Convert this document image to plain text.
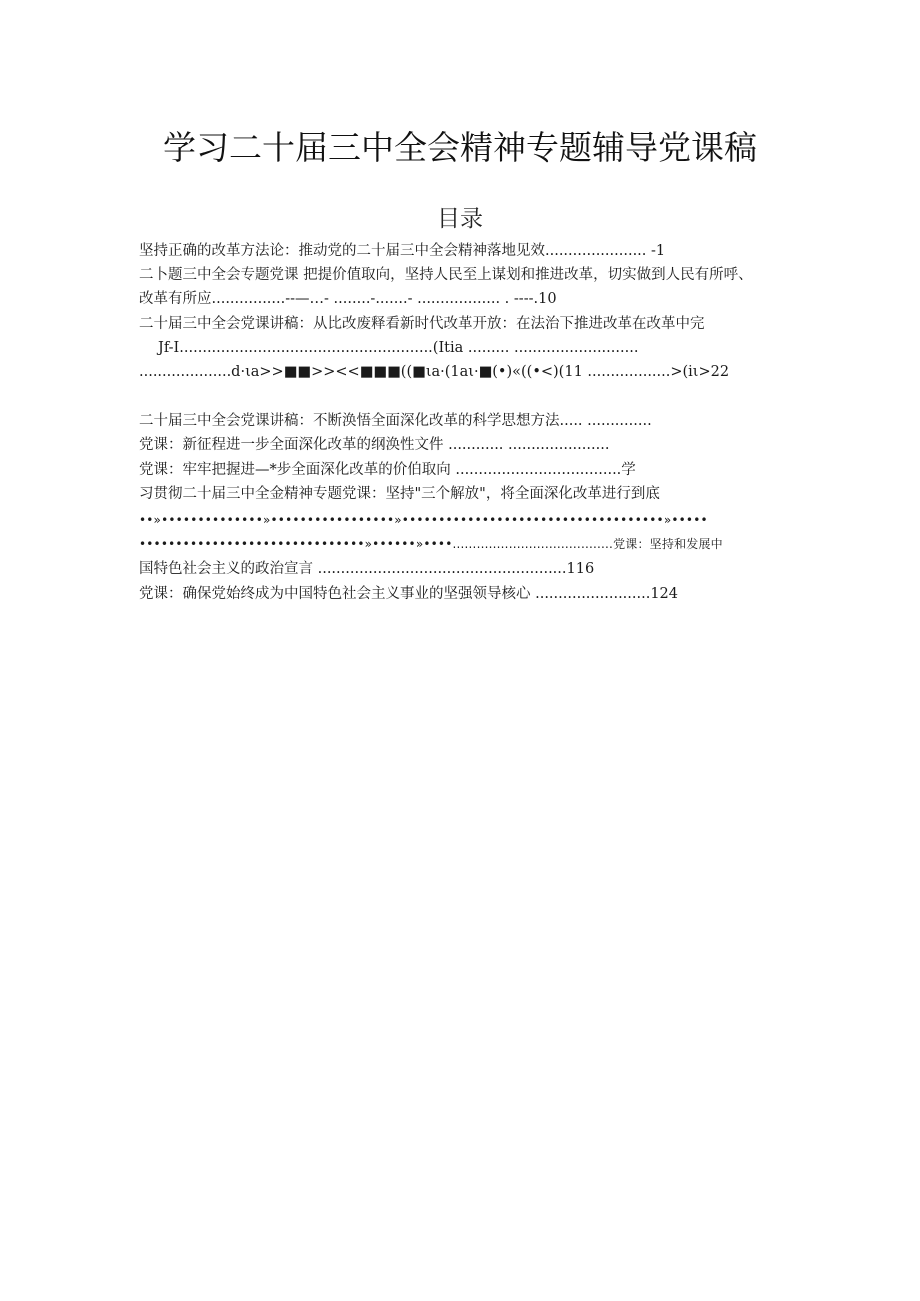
学习二十届三中全会精神专题辅导党课稿
目录
坚持正确的改革方法论：推动党的二十届三中全会精神落地见效...................... -1
二卜题三中全会专题党课 把提价值取向，坚持人民至上谋划和推进改革，切实做到人民有所呼、
改革有所应................--—…- ........-.......- .................. . ----.10
二十届三中全会党课讲稿：从比改废释看新时代改革开放：在法治下推进改革在改革中完
Jf-I.......................................................(Itia ......... ...........................
....................d·ιa>>■■>><<■■■((■ιa·(1aι·■(•)«((•<)(11 ..................>(iι>22
二十届三中全会党课讲稿：不断涣悟全面深化改革的科学思想方法..... ..............
党课：新征程进一步全面深化改革的纲涣性文件 ............ ......................
党课：牢牢把握进—*步全面深化改革的价伯取向 ....................................学
习贯彻二十届三中全金精神专题党课：坚持"三个解放"，将全面深化改革进行到底
••»••••••••••••••»•••••••••••••••••»••••••••••••••••••••••••••••••••••••»•••••
•••••••••••••••••••••••••••••••»••••••»••••........................................党课：坚持和发展中
国特色社会主义的政治宣言 ......................................................116
党课：确保党始终成为中国特色社会主义事业的坚强领导核心 .........................124
